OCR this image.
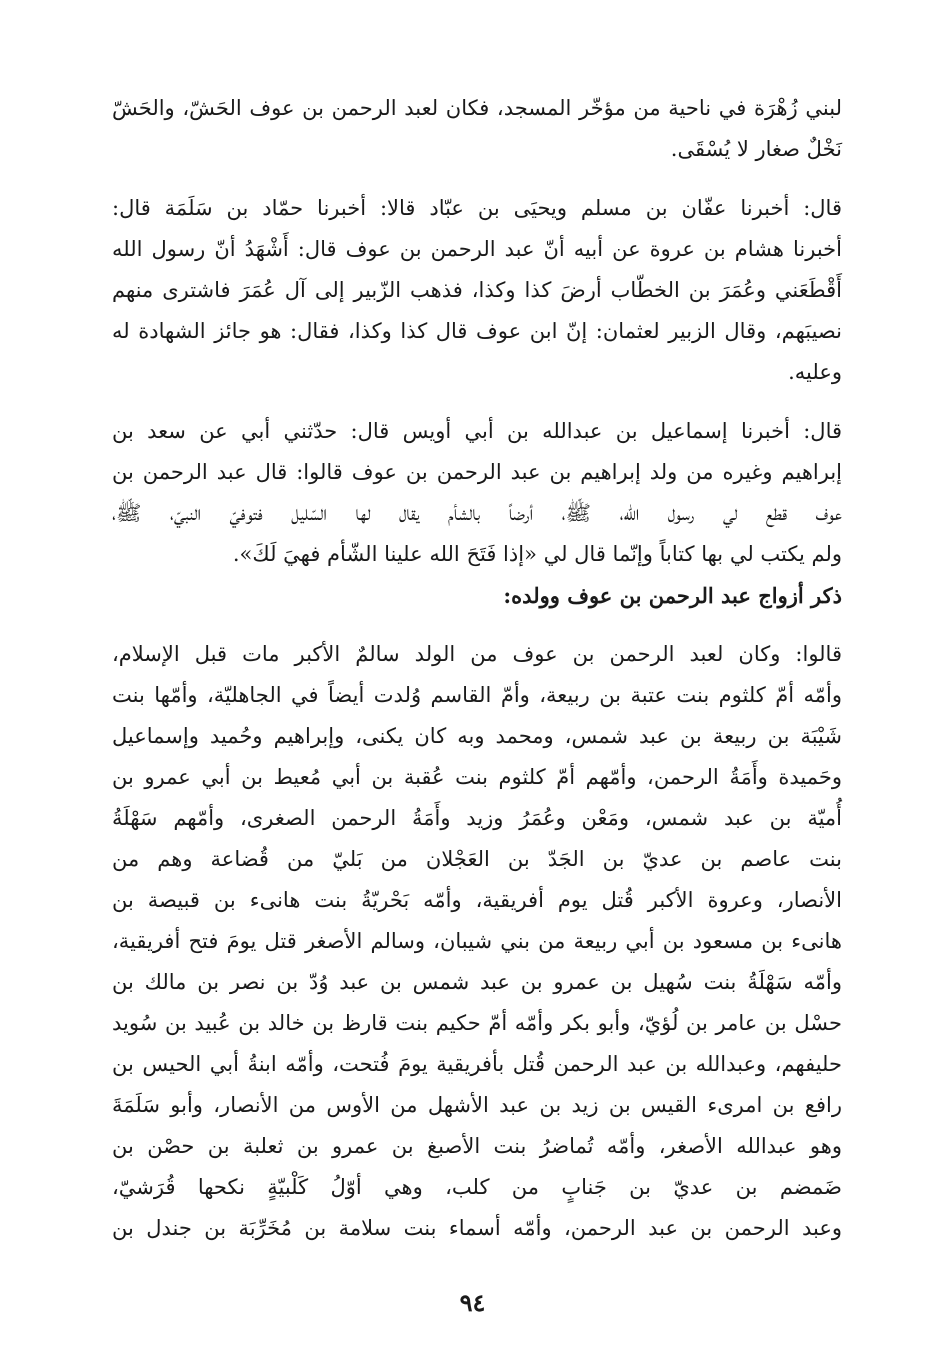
لبني زُهْرَة في ناحية من مؤخّر المسجد، فكان لعبد الرحمن بن عوف الحَشّ، والحَشّ
نَخْلٌ صغار لا يُسْقَى.
قال: أخبرنا عفّان بن مسلم ويحيَى بن عبّاد قالا: أخبرنا حمّاد بن سَلَمَة قال:
أخبرنا هشام بن عروة عن أبيه أنّ عبد الرحمن بن عوف قال: أَشْهَدُ أنّ رسول الله
أَقْطَعَني وعُمَرَ بن الخطّاب أرضَ كذا وكذا، فذهب الزّبير إلى آل عُمَرَ فاشترى منهم
نصيبَهم، وقال الزبير لعثمان: إنّ ابن عوف قال كذا وكذا، فقال: هو جائز الشهادة له
وعليه.
قال: أخبرنا إسماعيل بن عبدالله بن أبي أويس قال: حدّثني أبي عن سعد بن
إبراهيم وغيره من ولد إبراهيم بن عبد الرحمن بن عوف قالوا: قال عبد الرحمن بن
عوف قطع لي رسول الله، ﷺ، أرضاً بالشأم يقال لها السّليل فتوفيّ النبيّ، ﷺ،
ولم يكتب لي بها كتاباً وإنّما قال لي «إذا فَتَحَ الله علينا الشّأم فهيَ لَكَ».
ذكر أزواج عبد الرحمن بن عوف وولده:
قالوا: وكان لعبد الرحمن بن عوف من الولد سالمٌ الأكبر مات قبل الإسلام،
وأمّه أمّ كلثوم بنت عتبة بن ربيعة، وأمّ القاسم وُلدت أيضاً في الجاهليّة، وأمّها بنت
شَيْبَة بن ربيعة بن عبد شمس، ومحمد وبه كان يكنى، وإبراهيم وحُميد وإسماعيل
وحَميدة وأَمَةُ الرحمن، وأمّهم أمّ كلثوم بنت عُقبة بن أبي مُعيط بن أبي عمرو بن
أُميّة بن عبد شمس، ومَعْن وعُمَرُ وزيد وأَمَةُ الرحمن الصغرى، وأمّهم سَهْلَةُ
بنت عاصم بن عديّ بن الجَدّ بن العَجْلان من بَليّ من قُضاعة وهم من
الأنصار، وعروة الأكبر قُتل يوم أفريقية، وأمّه بَحْريّةُ بنت هانىء بن قبيصة بن
هانىء بن مسعود بن أبي ربيعة من بني شيبان، وسالم الأصغر قتل يومَ فتح أفريقية،
وأمّه سَهْلَةُ بنت سُهيل بن عمرو بن عبد شمس بن عبد وُدّ بن نصر بن مالك بن
حسْل بن عامر بن لُؤيّ، وأبو بكر وأمّه أمّ حكيم بنت قارظ بن خالد بن عُبيد بن سُويد
حليفهم، وعبدالله بن عبد الرحمن قُتل بأفريقية يومَ فُتحت، وأمّه ابنةُ أبي الحيس بن
رافع بن امرىء القيس بن زيد بن عبد الأشهل من الأوس من الأنصار، وأبو سَلَمَةَ
وهو عبدالله الأصغر، وأمّه تُماضرُ بنت الأصبغ بن عمرو بن ثعلبة بن حصْن بن
ضَمضم بن عديّ بن جَنابٍ من كلب، وهي أوّلُ كَلْبيّةٍ نكحها قُرَشيّ،
وعبد الرحمن بن عبد الرحمن، وأمّه أسماء بنت سلامة بن مُخَرِّبَة بن جندل بن
٩٤
